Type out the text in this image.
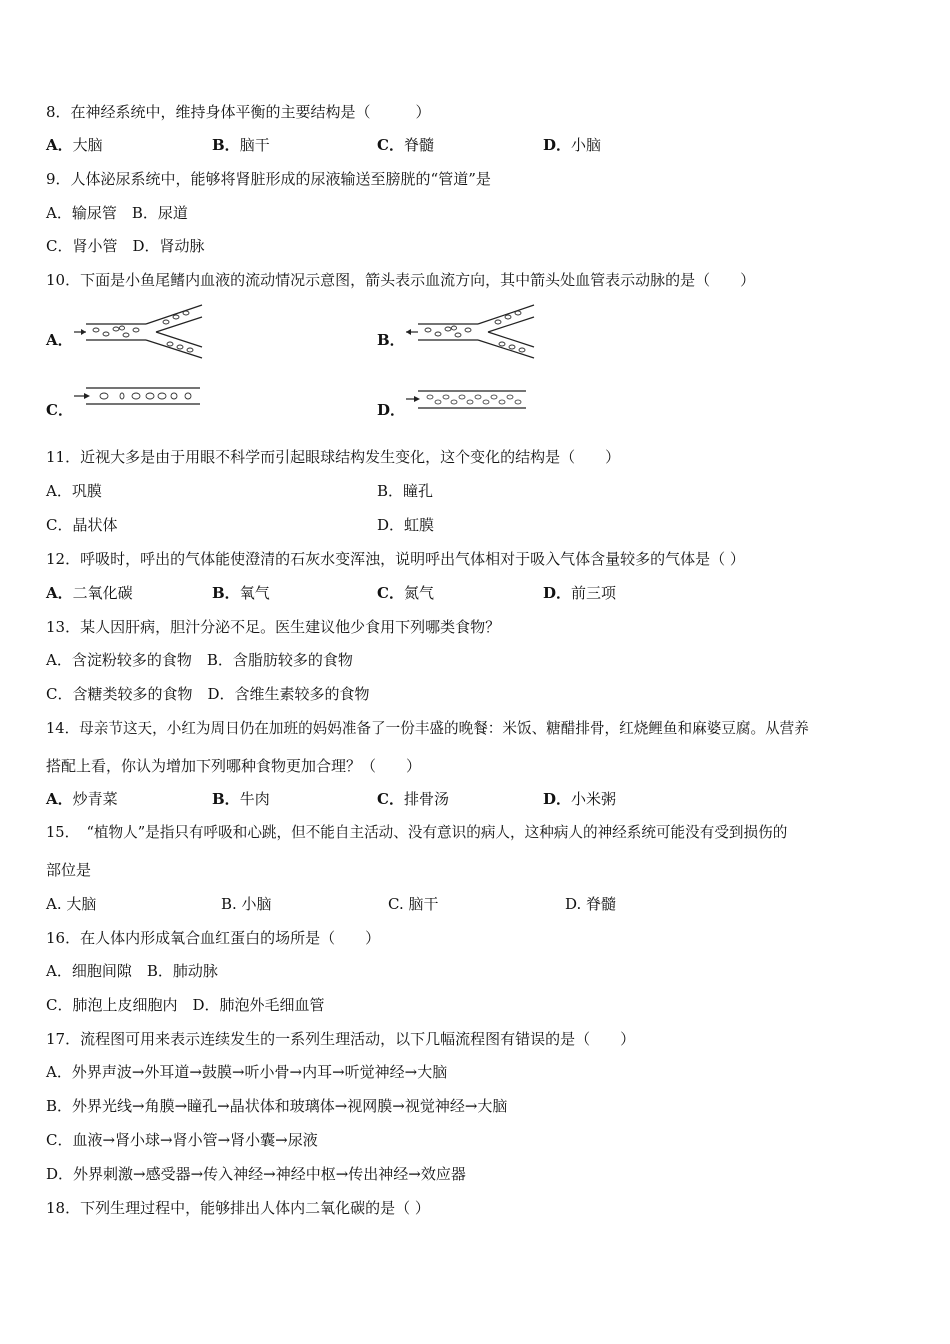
8．在神经系统中，维持身体平衡的主要结构是（　　　）
A．大脑	B．脑干	C．脊髓	D．小脑
9．人体泌尿系统中，能够将肾脏形成的尿液输送至膀胱的“管道”是
A．输尿管　B．尿道
C．肾小管　D．肾动脉
10．下面是小鱼尾鳍内血液的流动情况示意图，箭头表示血流方向，其中箭头处血管表示动脉的是（　　）
A．	B．
C．	D．
11．近视大多是由于用眼不科学而引起眼球结构发生变化，这个变化的结构是（　　）
A．巩膜	B．瞳孔
C．晶状体	D．虹膜
12．呼吸时，呼出的气体能使澄清的石灰水变浑浊，说明呼出气体相对于吸入气体含量较多的气体是（ ）
A．二氧化碳	B．氧气	C．氮气	D．前三项
13．某人因肝病，胆汁分泌不足。医生建议他少食用下列哪类食物？
A．含淀粉较多的食物　B．含脂肪较多的食物
C．含糖类较多的食物　D．含维生素较多的食物
14．母亲节这天，小红为周日仍在加班的妈妈准备了一份丰盛的晚餐：米饭、糖醋排骨，红烧鲤鱼和麻婆豆腐。从营养
搭配上看，你认为增加下列哪种食物更加合理？（　　）
A．炒青菜	B．牛肉	C．排骨汤	D．小米粥
15．　“植物人”是指只有呼吸和心跳，但不能自主活动、没有意识的病人，这种病人的神经系统可能没有受到损伤的
部位是
A. 大脑	B. 小脑	C. 脑干	D. 脊髓
16．在人体内形成氧合血红蛋白的场所是（　　）
A．细胞间隙　B．肺动脉
C．肺泡上皮细胞内　D．肺泡外毛细血管
17．流程图可用来表示连续发生的一系列生理活动，以下几幅流程图有错误的是（　　）
A．外界声波→外耳道→鼓膜→听小骨→内耳→听觉神经→大脑
B．外界光线→角膜→瞳孔→晶状体和玻璃体→视网膜→视觉神经→大脑
C．血液→肾小球→肾小管→肾小囊→尿液
D．外界刺激→感受器→传入神经→神经中枢→传出神经→效应器
18．下列生理过程中，能够排出人体内二氧化碳的是（ ）
